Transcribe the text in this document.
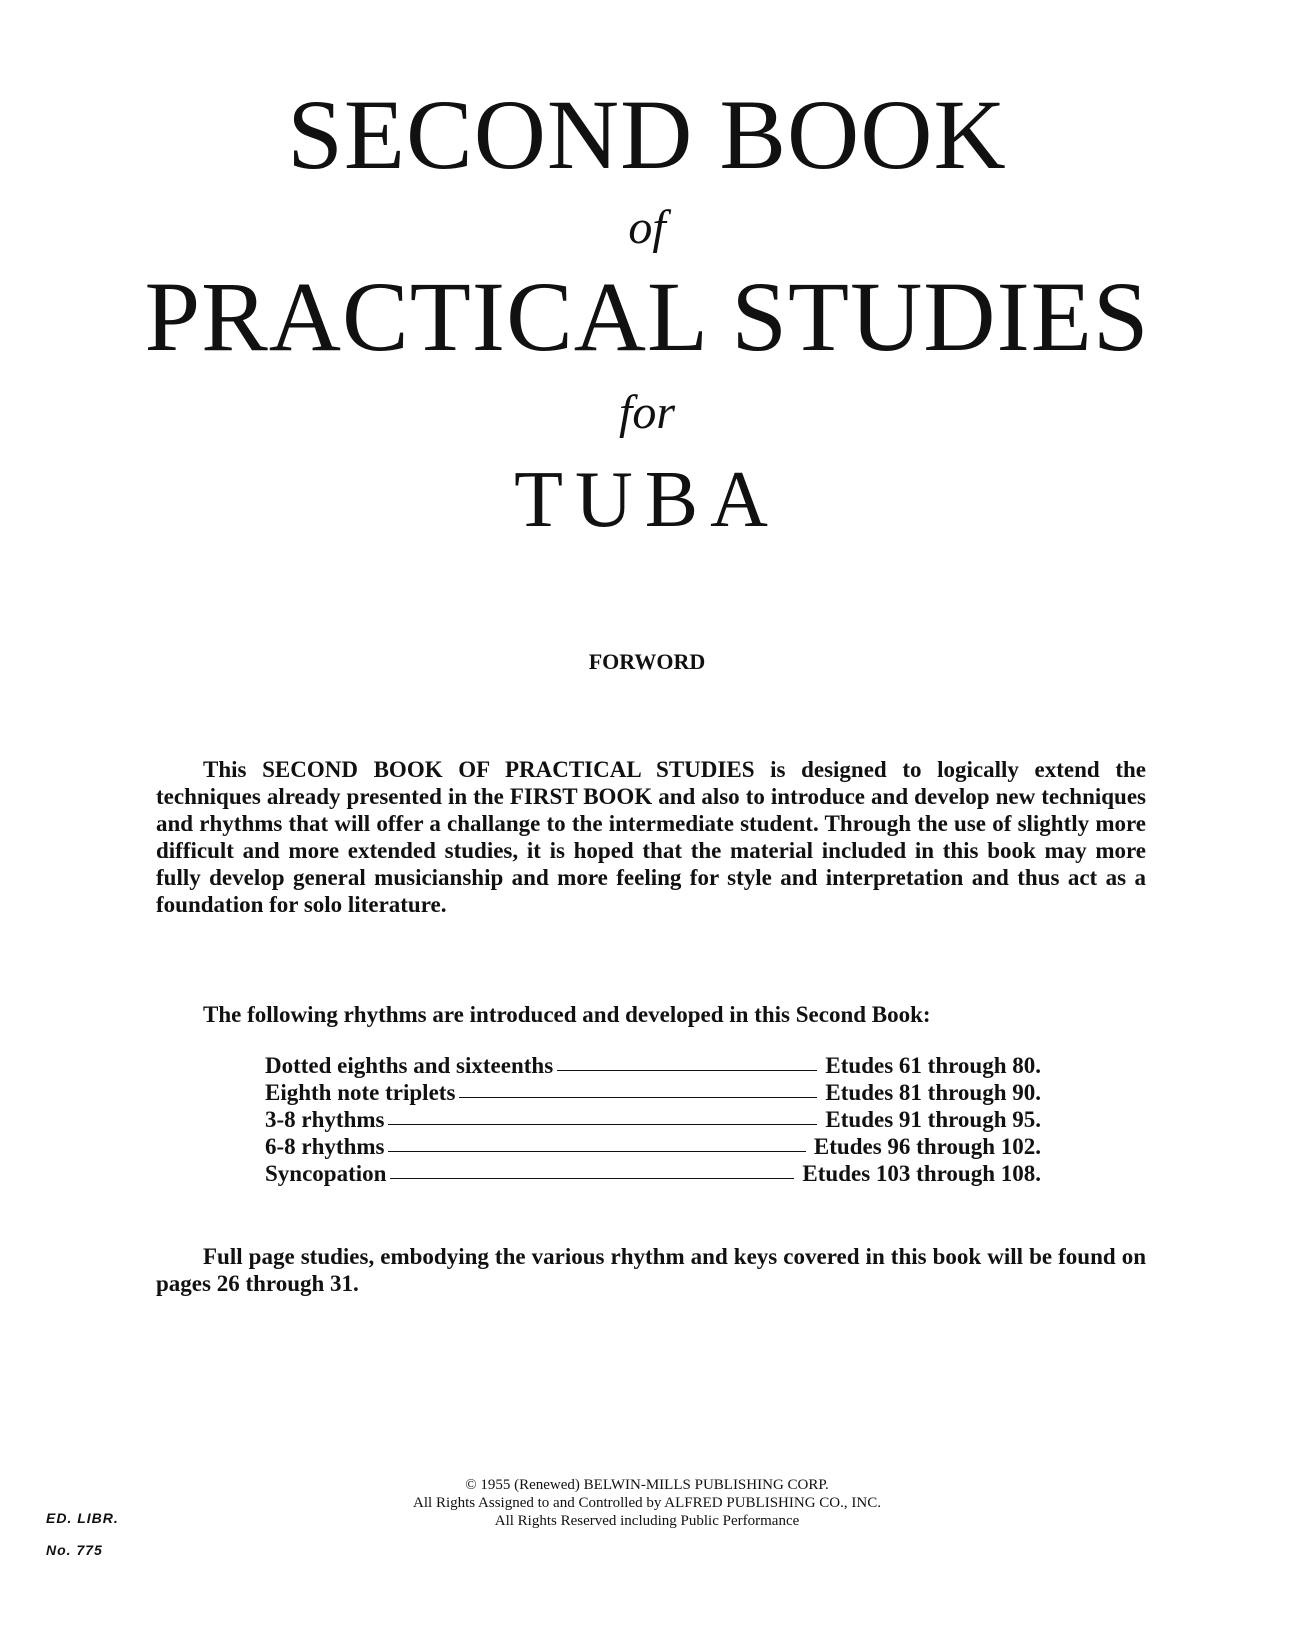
SECOND BOOK
of
PRACTICAL STUDIES
for
TUBA
FORWORD
This SECOND BOOK OF PRACTICAL STUDIES is designed to logically extend the techniques already presented in the FIRST BOOK and also to introduce and develop new techniques and rhythms that will offer a challange to the intermediate student. Through the use of slightly more difficult and more extended studies, it is hoped that the material included in this book may more fully develop general musicianship and more feeling for style and interpretation and thus act as a foundation for solo literature.
The following rhythms are introduced and developed in this Second Book:
Dotted eighths and sixteenths	Etudes 61 through 80.
Eighth note triplets	Etudes 81 through 90.
3-8 rhythms	Etudes 91 through 95.
6-8 rhythms	Etudes 96 through 102.
Syncopation	Etudes 103 through 108.
Full page studies, embodying the various rhythm and keys covered in this book will be found on pages 26 through 31.
© 1955 (Renewed) BELWIN-MILLS PUBLISHING CORP.
All Rights Assigned to and Controlled by ALFRED PUBLISHING CO., INC.
All Rights Reserved including Public Performance
ED. LIBR.
No. 775
